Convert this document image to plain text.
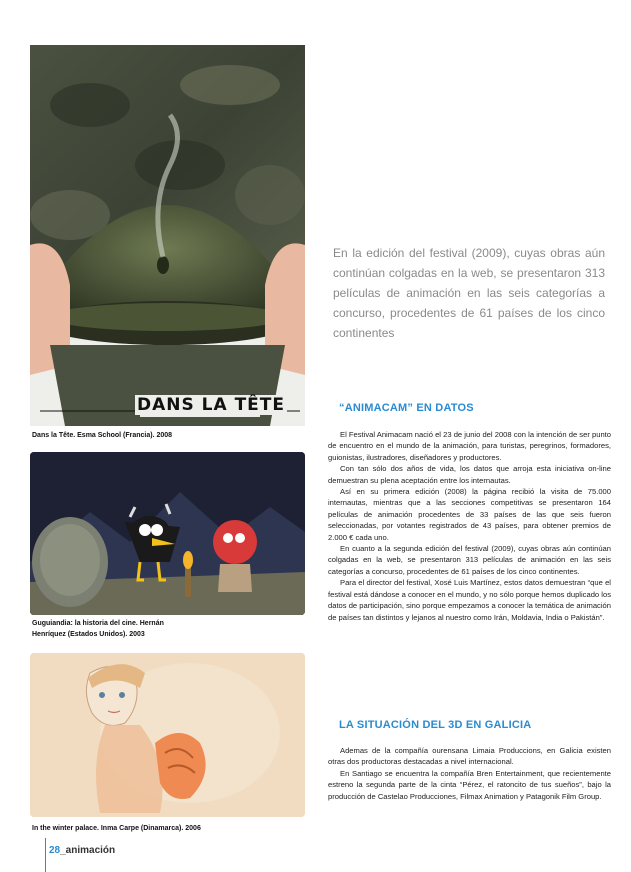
DANS LA TÊTE
Dans la Tête. Esma School (Francia). 2008
Guguiandia: la historia del cine. Hernán
Henríquez (Estados Unidos). 2003
In the winter palace. Inma Carpe (Dinamarca). 2006

En la edición del festival (2009), cuyas obras aún continúan colgadas en la web, se presentaron 313 películas de animación en las seis categorías a concurso, procedentes de 61 países de los cinco continentes

“ANIMACAM” EN DATOS

El Festival Animacam nació el 23 de junio del 2008 con la intención de ser punto de encuentro en el mundo de la animación, para turistas, peregrinos, formadores, guionistas, ilustradores, diseñadores y productores.

Con tan sólo dos años de vida, los datos que arroja esta iniciativa on-line demuestran su plena aceptación entre los internautas.

Así en su primera edición (2008) la página recibió la visita de 75.000 internautas, mientras que a las secciones competitivas se presentaron 164 películas de animación procedentes de 33 países de las que seis fueron seleccionadas, por votantes registrados de 43 países, para obtener premios de 2.000 € cada uno.

En cuanto a la segunda edición del festival (2009), cuyas obras aún continúan colgadas en la web, se presentaron 313 películas de animación en las seis categorías a concurso, procedentes de 61 países de los cinco continentes.

Para el director del festival, Xosé Luis Martínez, estos datos demuestran “que el festival está dándose a conocer en el mundo, y no sólo porque hemos duplicado los datos de participación, sino porque empezamos a conocer la temática de animación de países tan distintos y lejanos al nuestro como Irán, Moldavia, India o Pakistán”.

LA SITUACIÓN DEL 3D EN GALICIA

Ademas de la compañía ourensana Limaia Produccions, en Galicia existen otras dos productoras destacadas a nivel internacional.

En Santiago se encuentra la compañía Bren Entertainment, que recientemente estreno la segunda parte de la cinta “Pérez, el ratoncito de tus sueños”, bajo la producción de Castelao Producciones, Filmax Animation y Patagonik Film Group.

28_animación
